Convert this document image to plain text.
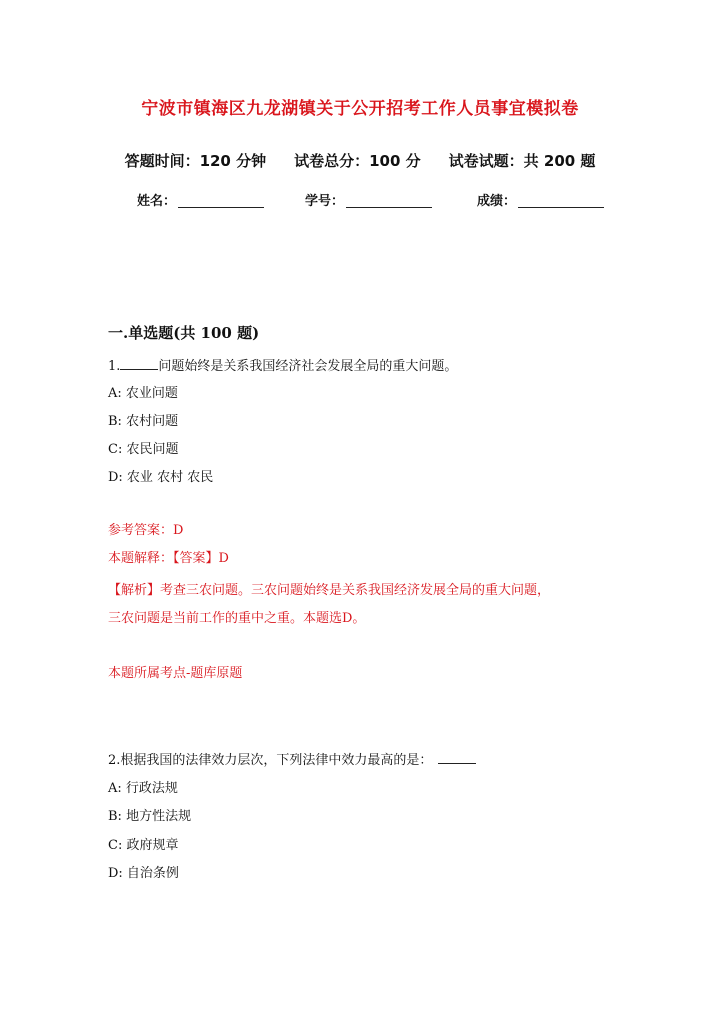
宁波市镇海区九龙湖镇关于公开招考工作人员事宜模拟卷
答题时间：120 分钟 试卷总分：100 分 试卷试题：共 200 题
姓名：	学号：	成绩：
一.单选题(共 100 题)
1.	问题始终是关系我国经济社会发展全局的重大问题。
A: 农业问题
B: 农村问题
C: 农民问题
D: 农业 农村 农民
参考答案：D
本题解释：【答案】D
【解析】考查三农问题。三农问题始终是关系我国经济发展全局的重大问题，
三农问题是当前工作的重中之重。本题选D。
本题所属考点-题库原题
2.根据我国的法律效力层次，下列法律中效力最高的是：
A: 行政法规
B: 地方性法规
C: 政府规章
D: 自治条例
